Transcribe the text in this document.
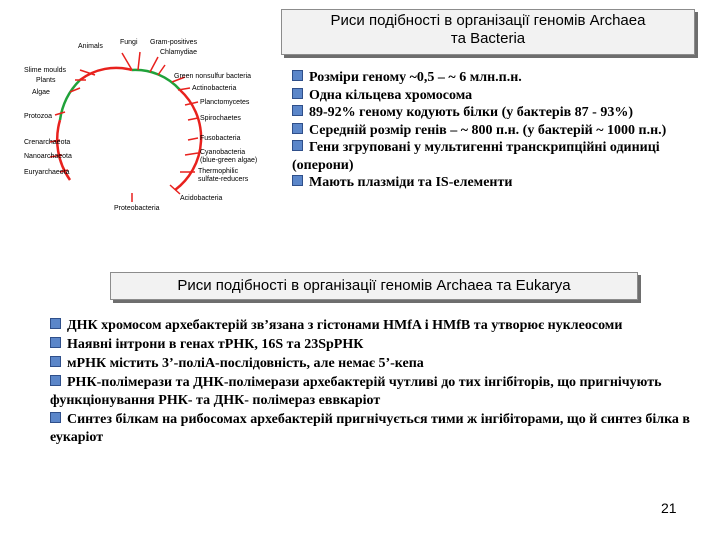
Риси подібності в організації геномів Archaea
та Bacteria
Animals
Fungi Gram-positives
Chlamydiae
Slime moulds
Plants
Algae
Green nonsulfur bacteria
Actinobacteria
Planctomycetes
Protozoa	Spirochaetes
Crenarchaeota
Fusobacteria
Nanoarchaeota
Cyanobacteria
(blue-green algae)
Euryarchaeota	Thermophilic
sulfate-reducers
Acidobacteria
Proteobacteria

Розміри геному ~0,5 – ~ 6 млн.п.н.

Одна кільцева хромосома

89-92% геному кодують білки (у бактерів 87 - 93%)

Середній розмір генів – ~ 800 п.н. (у бактерій ~ 1000 п.н.)

Гени згруповані у мультигенні транскрипційні одиниці (оперони)

Мають плазміди та IS-елементи

Риси подібності в організації геномів Archaea та Eukarya

ДНК хромосом архебактерій зв’язана з гістонами HMfA і HMfB та утворює нуклеосоми

Наявні інтрони в генах тРНК, 16S та 23SрРНК

мРНК містить 3’-поліА-послідовність, але немає 5’-кепа

РНК-полімерази та ДНК-полімерази архебактерій чутливі до тих інгібіторів, що пригнічують функціонування РНК- та ДНК- полімераз еввкаріот

Синтез білкам на рибосомах архебактерій пригнічується тими ж інгібіторами, що й синтез білка в еукаріот

21
